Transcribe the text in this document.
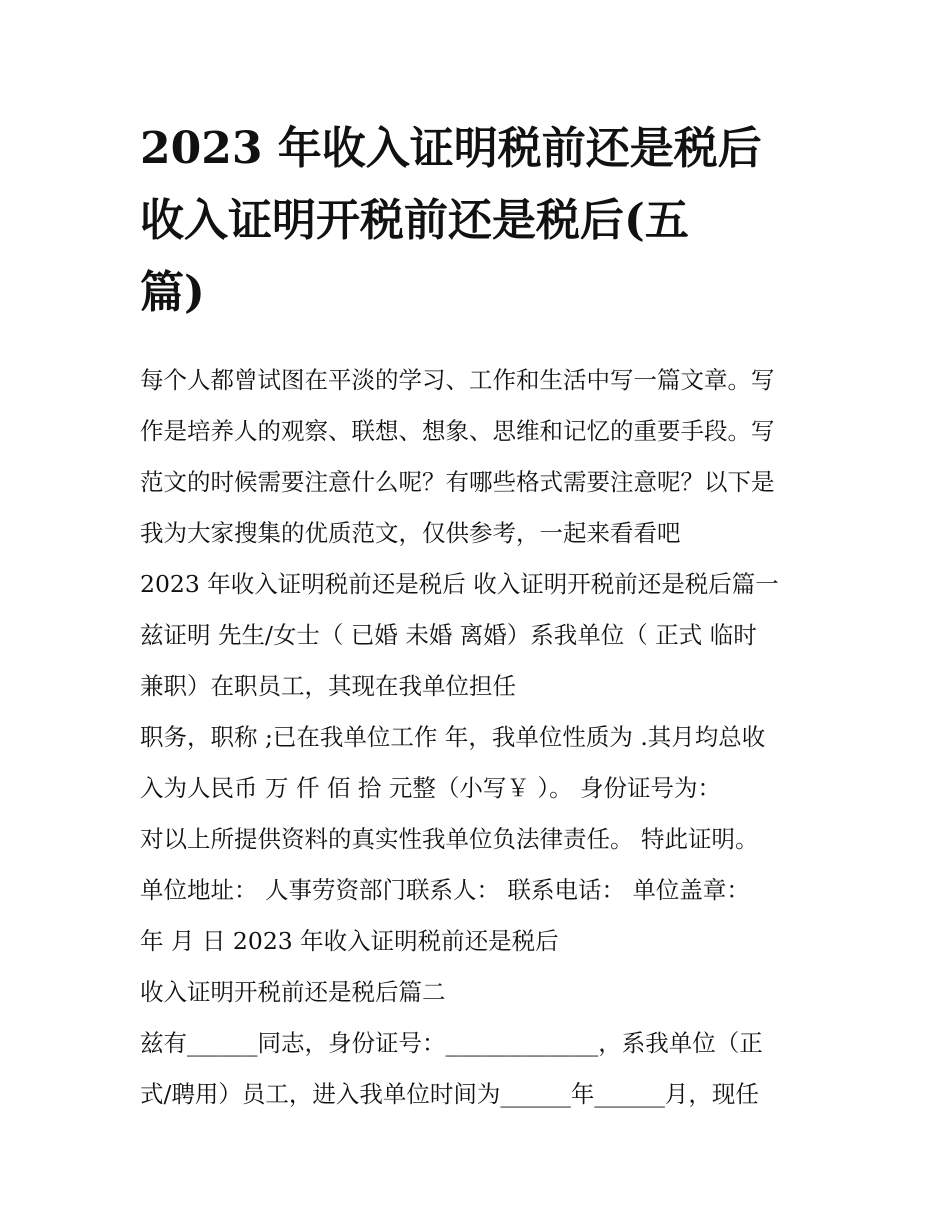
2023 年收入证明税前还是税后
收入证明开税前还是税后(五
篇)
每个人都曾试图在平淡的学习、工作和生活中写一篇文章。写
作是培养人的观察、联想、想象、思维和记忆的重要手段。写
范文的时候需要注意什么呢？有哪些格式需要注意呢？以下是
我为大家搜集的优质范文，仅供参考，一起来看看吧
2023 年收入证明税前还是税后 收入证明开税前还是税后篇一
兹证明 先生/女士（ 已婚 未婚 离婚）系我单位（ 正式 临时
兼职）在职员工，其现在我单位担任
职务，职称 ;已在我单位工作 年，我单位性质为 .其月均总收
入为人民币 万 仟 佰 拾 元整（小写￥ ）。 身份证号为：
对以上所提供资料的真实性我单位负法律责任。 特此证明。
单位地址： 人事劳资部门联系人： 联系电话： 单位盖章：
年 月 日 2023 年收入证明税前还是税后
收入证明开税前还是税后篇二
兹有______同志，身份证号：_____________，系我单位（正
式/聘用）员工，进入我单位时间为______年______月，现任
